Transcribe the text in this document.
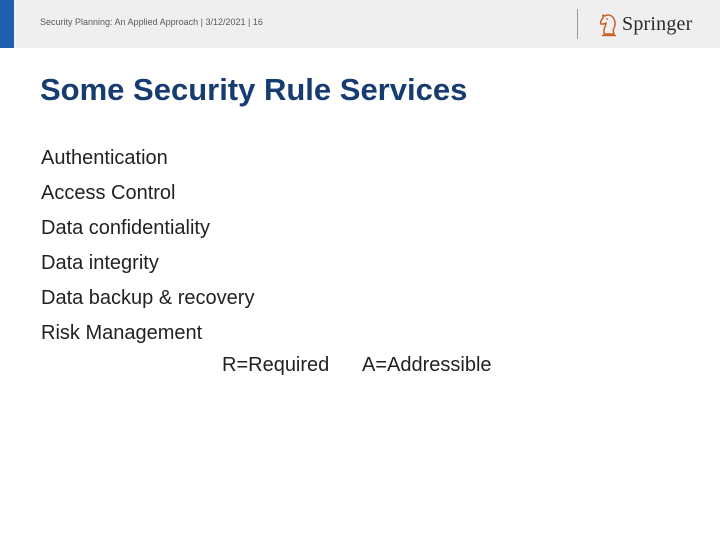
Security Planning: An Applied Approach | 3/12/2021 | 16	Springer
Some Security Rule Services
Authentication
Access Control
Data confidentiality
Data integrity
Data backup & recovery
Risk Management
R=Required A=Addressible
